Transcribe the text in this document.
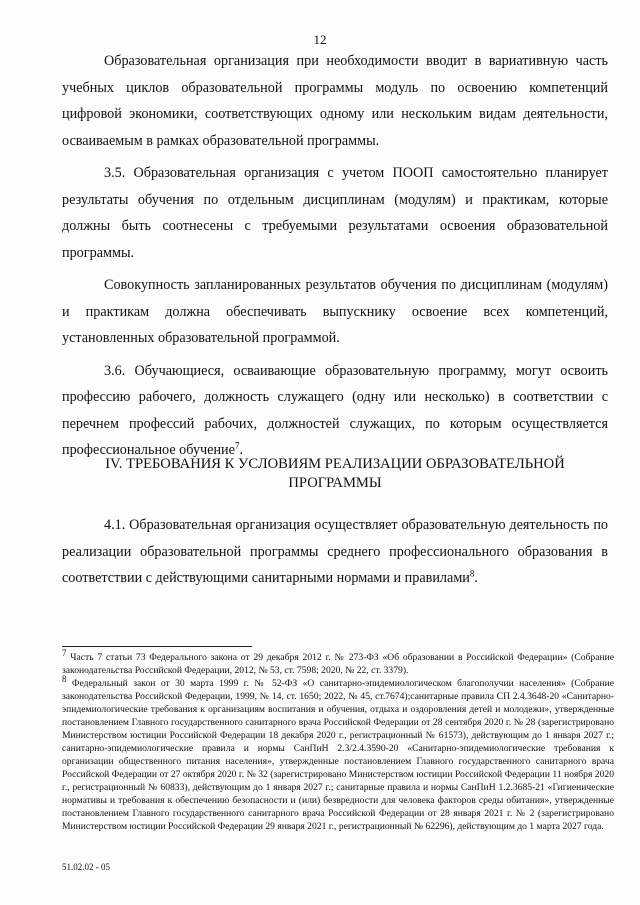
12

Образовательная организация при необходимости вводит в вариативную часть учебных циклов образовательной программы модуль по освоению компетенций цифровой экономики, соответствующих одному или нескольким видам деятельности, осваиваемым в рамках образовательной программы.

3.5. Образовательная организация с учетом ПООП самостоятельно планирует результаты обучения по отдельным дисциплинам (модулям) и практикам, которые должны быть соотнесены с требуемыми результатами освоения образовательной программы.

Совокупность запланированных результатов обучения по дисциплинам (модулям) и практикам должна обеспечивать выпускнику освоение всех компетенций, установленных образовательной программой.

3.6. Обучающиеся, осваивающие образовательную программу, могут освоить профессию рабочего, должность служащего (одну или несколько) в соответствии с перечнем профессий рабочих, должностей служащих, по которым осуществляется профессиональное обучение$^7$.

IV. ТРЕБОВАНИЯ К УСЛОВИЯМ РЕАЛИЗАЦИИ ОБРАЗОВАТЕЛЬНОЙ
ПРОГРАММЫ

4.1. Образовательная организация осуществляет образовательную деятельность по реализации образовательной программы среднего профессионального образования в соответствии с действующими санитарными нормами и правилами$^8$.

$^7$ Часть 7 статьи 73 Федерального закона от 29 декабря 2012 г. № 273-ФЗ «Об образовании в Российской Федерации» (Собрание законодательства Российской Федерации, 2012, № 53, ст. 7598; 2020, № 22, ст. 3379).

$^8$ Федеральный закон от 30 марта 1999 г. № 52-ФЗ «О санитарно-эпидемиологическом благополучии населения» (Собрание законодательства Российской Федерации, 1999, № 14, ст. 1650; 2022, № 45, ст.7674);санитарные правила СП 2.4.3648-20 «Санитарно-эпидемиологические требования к организациям воспитания и обучения, отдыха и оздоровления детей и молодежи», утвержденные постановлением Главного государственного санитарного врача Российской Федерации от 28 сентября 2020 г. № 28 (зарегистрировано Министерством юстиции Российской Федерации 18 декабря 2020 г., регистрационный № 61573), действующим до 1 января 2027 г.; санитарно-эпидемиологические правила и нормы СанПиН 2.3/2.4.3590-20 «Санитарно-эпидемиологические требования к организации общественного питания населения», утвержденные постановлением Главного государственного санитарного врача Российской Федерации от 27 октября 2020 г. № 32 (зарегистрировано Министерством юстиции Российской Федерации 11 ноября 2020 г., регистрационный № 60833), действующим до 1 января 2027 г.; санитарные правила и нормы СанПиН 1.2.3685-21 «Гигиенические нормативы и требования к обеспечению безопасности и (или) безвредности для человека факторов среды обитания», утвержденные постановлением Главного государственного санитарного врача Российской Федерации от 28 января 2021 г. № 2 (зарегистрировано Министерством юстиции Российской Федерации 29 января 2021 г., регистрационный № 62296), действующим до 1 марта 2027 года.

51.02.02 - 05
